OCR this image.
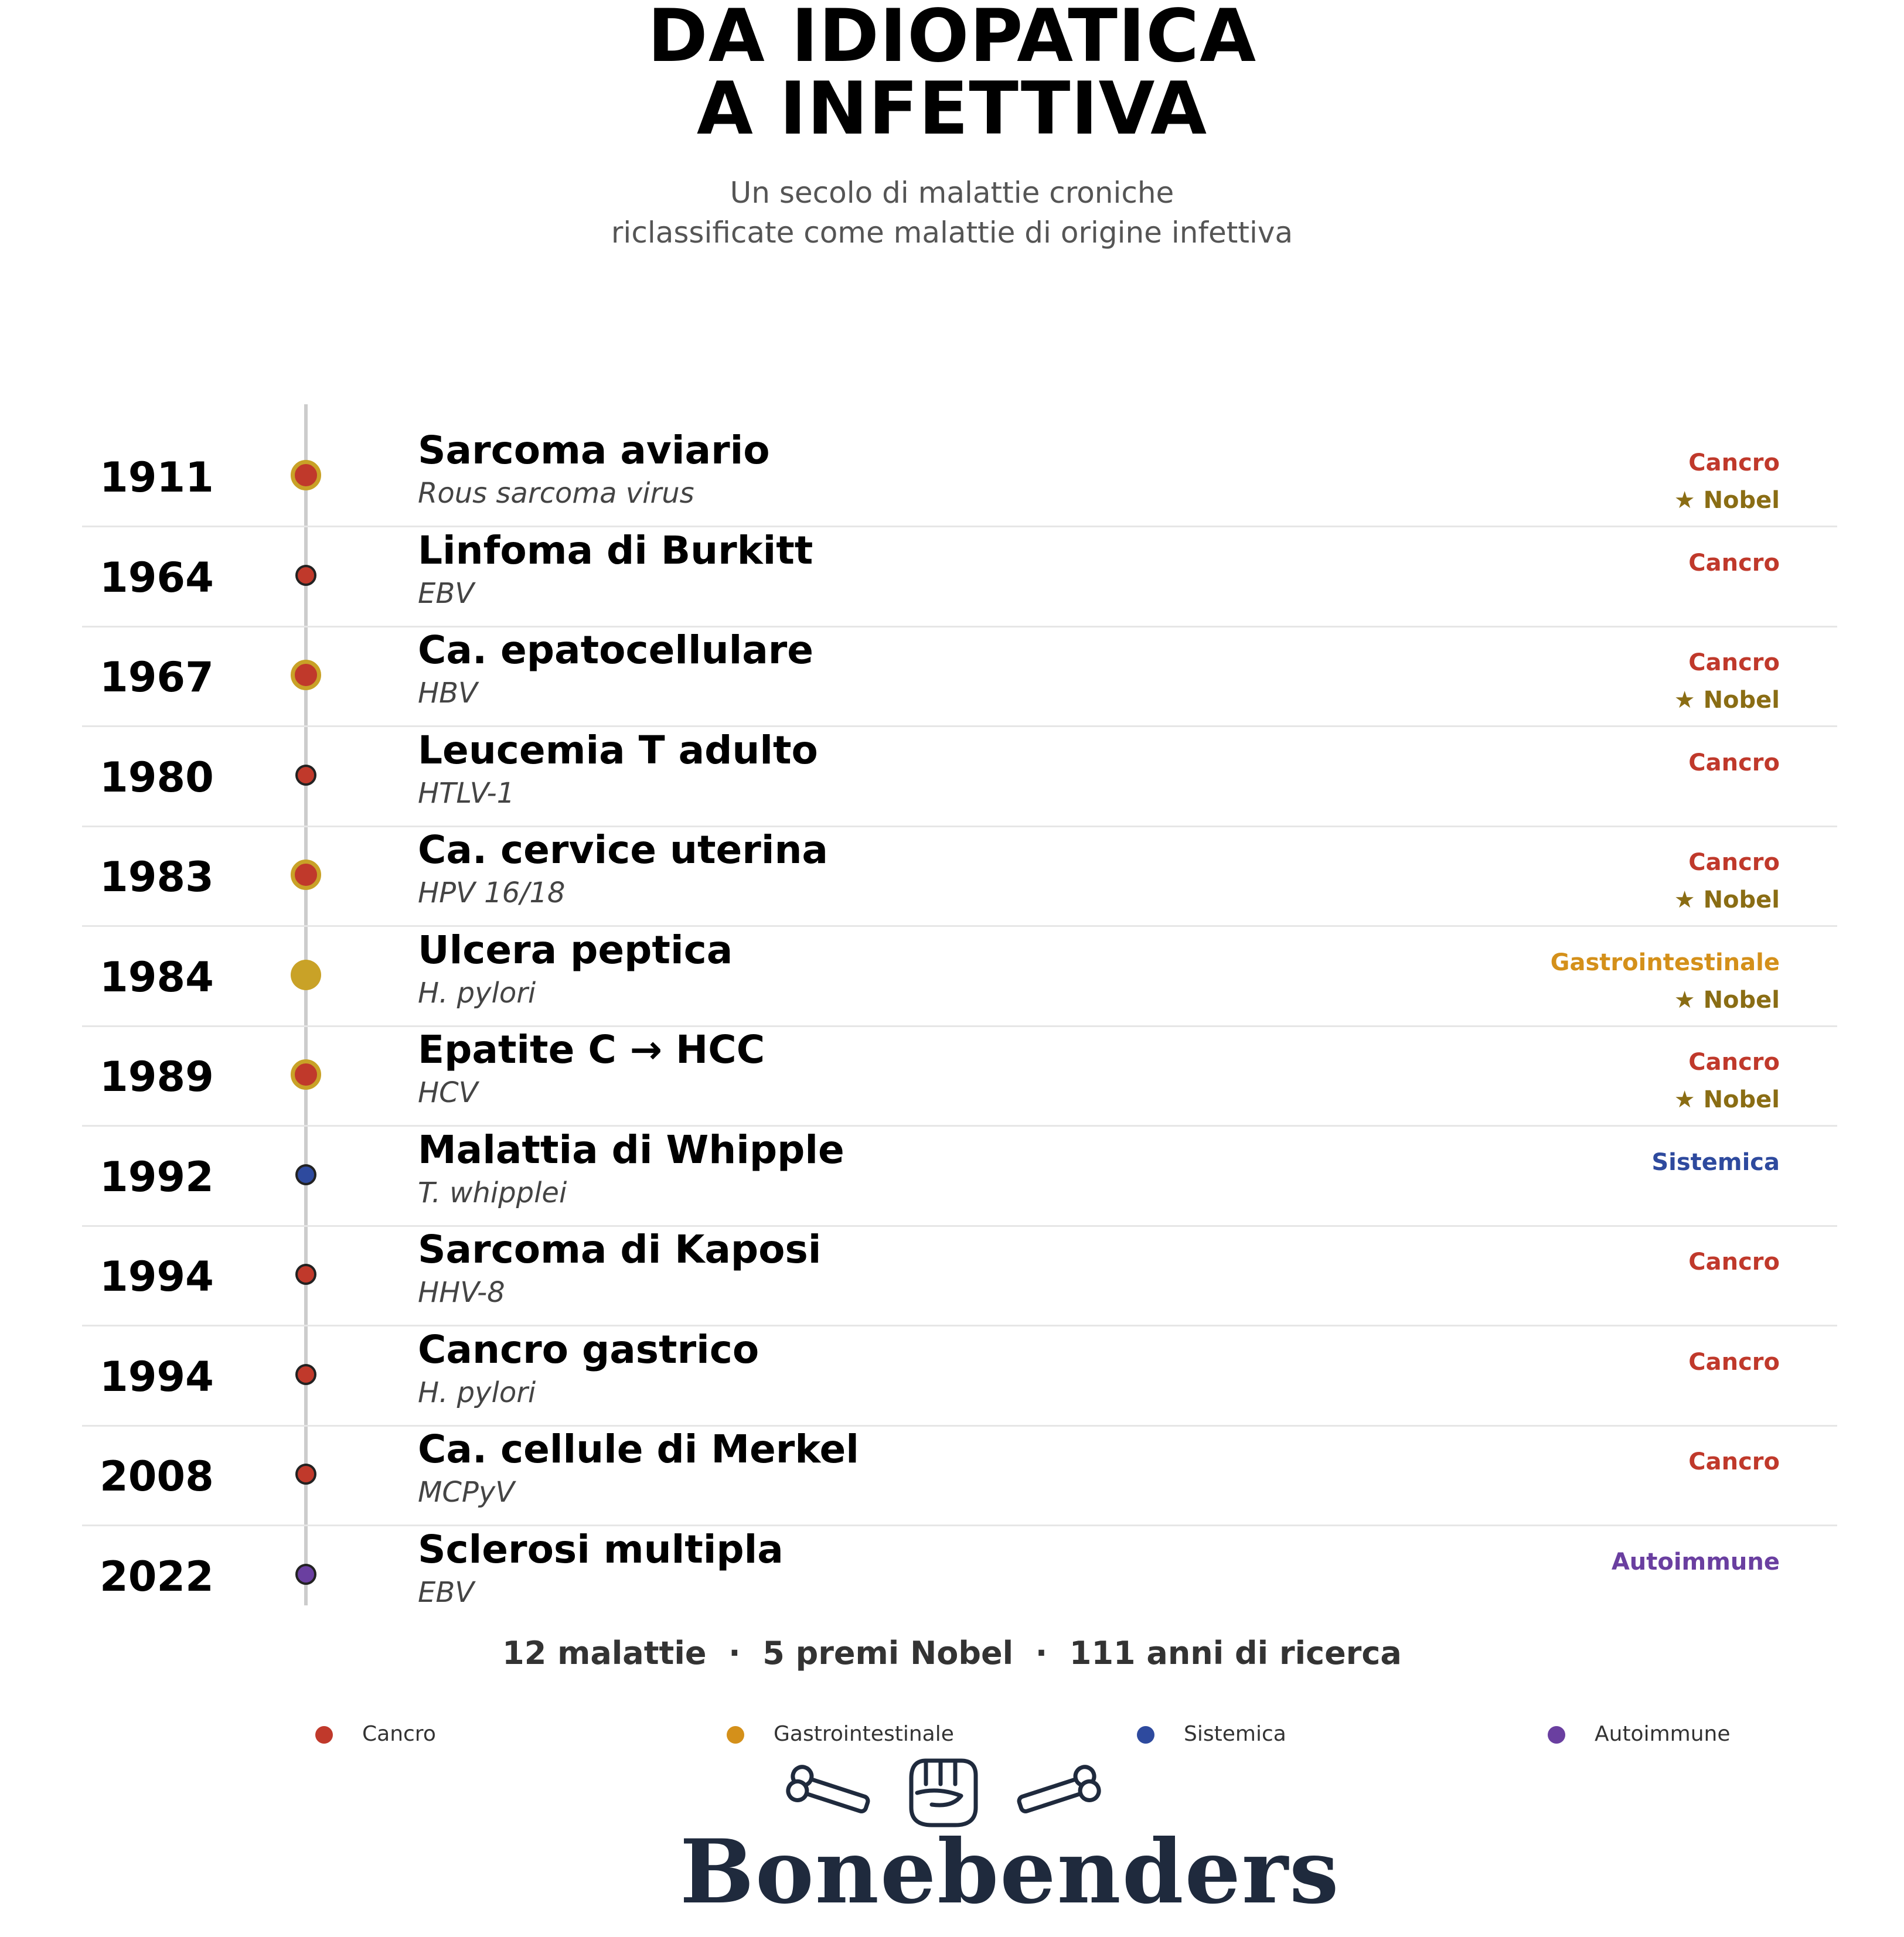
DA IDIOPATICA
A INFETTIVA
Un secolo di malattie croniche
riclassificate come malattie di origine infettiva
1911
Sarcoma aviario
Rous sarcoma virus
Cancro
★ Nobel
1964
Linfoma di Burkitt
EBV
Cancro
1967
Ca. epatocellulare
HBV
Cancro
★ Nobel
1980
Leucemia T adulto
HTLV-1
Cancro
1983
Ca. cervice uterina
HPV 16/18
Cancro
★ Nobel
1984
Ulcera peptica
H. pylori
Gastrointestinale
★ Nobel
1989
Epatite C → HCC
HCV
Cancro
★ Nobel
1992
Malattia di Whipple
T. whipplei
Sistemica
1994
Sarcoma di Kaposi
HHV-8
Cancro
1994
Cancro gastrico
H. pylori
Cancro
2008
Ca. cellule di Merkel
MCPyV
Cancro
2022
Sclerosi multipla
EBV
Autoimmune
12 malattie  ·  5 premi Nobel  ·  111 anni di ricerca
Cancro	Gastrointestinale	Sistemica	Autoimmune
Bonebenders
